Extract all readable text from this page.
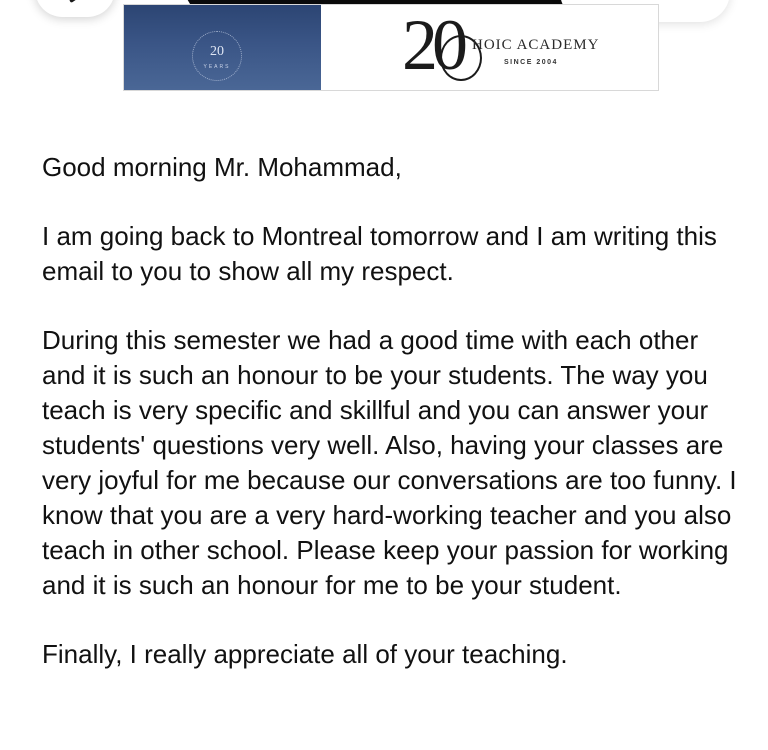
20
YEARS 20 HOIC ACADEMY
SINCE 2004

Good morning Mr. Mohammad,

I am going back to Montreal tomorrow and I am writing this email to you to show all my respect.

During this semester we had a good time with each other and it is such an honour to be your students. The way you teach is very specific and skillful and you can answer your students' questions very well. Also, having your classes are very joyful for me because our conversations are too funny. I know that you are a very hard-working teacher and you also teach in other school. Please keep your passion for working and it is such an honour for me to be your student.

Finally, I really appreciate all of your teaching.
